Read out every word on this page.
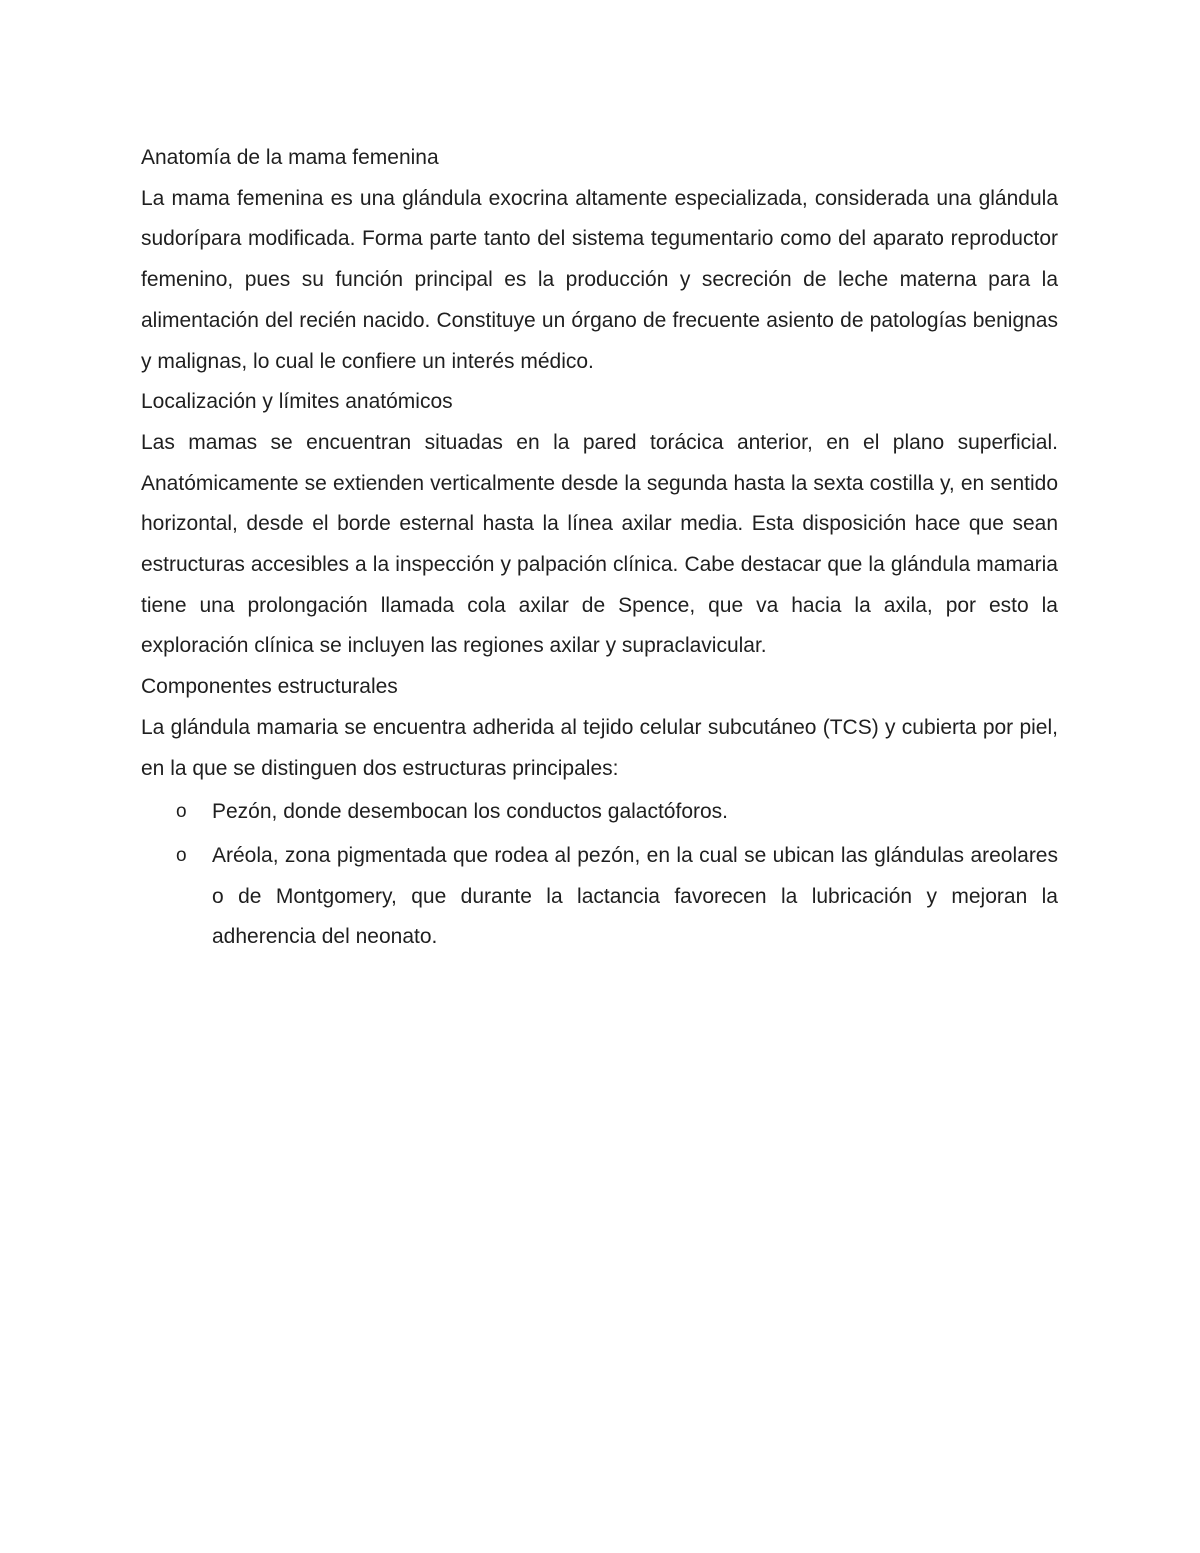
Anatomía de la mama femenina

La mama femenina es una glándula exocrina altamente especializada, considerada una glándula sudorípara modificada. Forma parte tanto del sistema tegumentario como del aparato reproductor femenino, pues su función principal es la producción y secreción de leche materna para la alimentación del recién nacido. Constituye un órgano de frecuente asiento de patologías benignas y malignas, lo cual le confiere un interés médico.

Localización y límites anatómicos

Las mamas se encuentran situadas en la pared torácica anterior, en el plano superficial. Anatómicamente se extienden verticalmente desde la segunda hasta la sexta costilla y, en sentido horizontal, desde el borde esternal hasta la línea axilar media. Esta disposición hace que sean estructuras accesibles a la inspección y palpación clínica. Cabe destacar que la glándula mamaria tiene una prolongación llamada cola axilar de Spence, que va hacia la axila, por esto la exploración clínica se incluyen las regiones axilar y supraclavicular.

Componentes estructurales

La glándula mamaria se encuentra adherida al tejido celular subcutáneo (TCS) y cubierta por piel, en la que se distinguen dos estructuras principales:

o Pezón, donde desembocan los conductos galactóforos.
o Aréola, zona pigmentada que rodea al pezón, en la cual se ubican las glándulas areolares o de Montgomery, que durante la lactancia favorecen la lubricación y mejoran la adherencia del neonato.
